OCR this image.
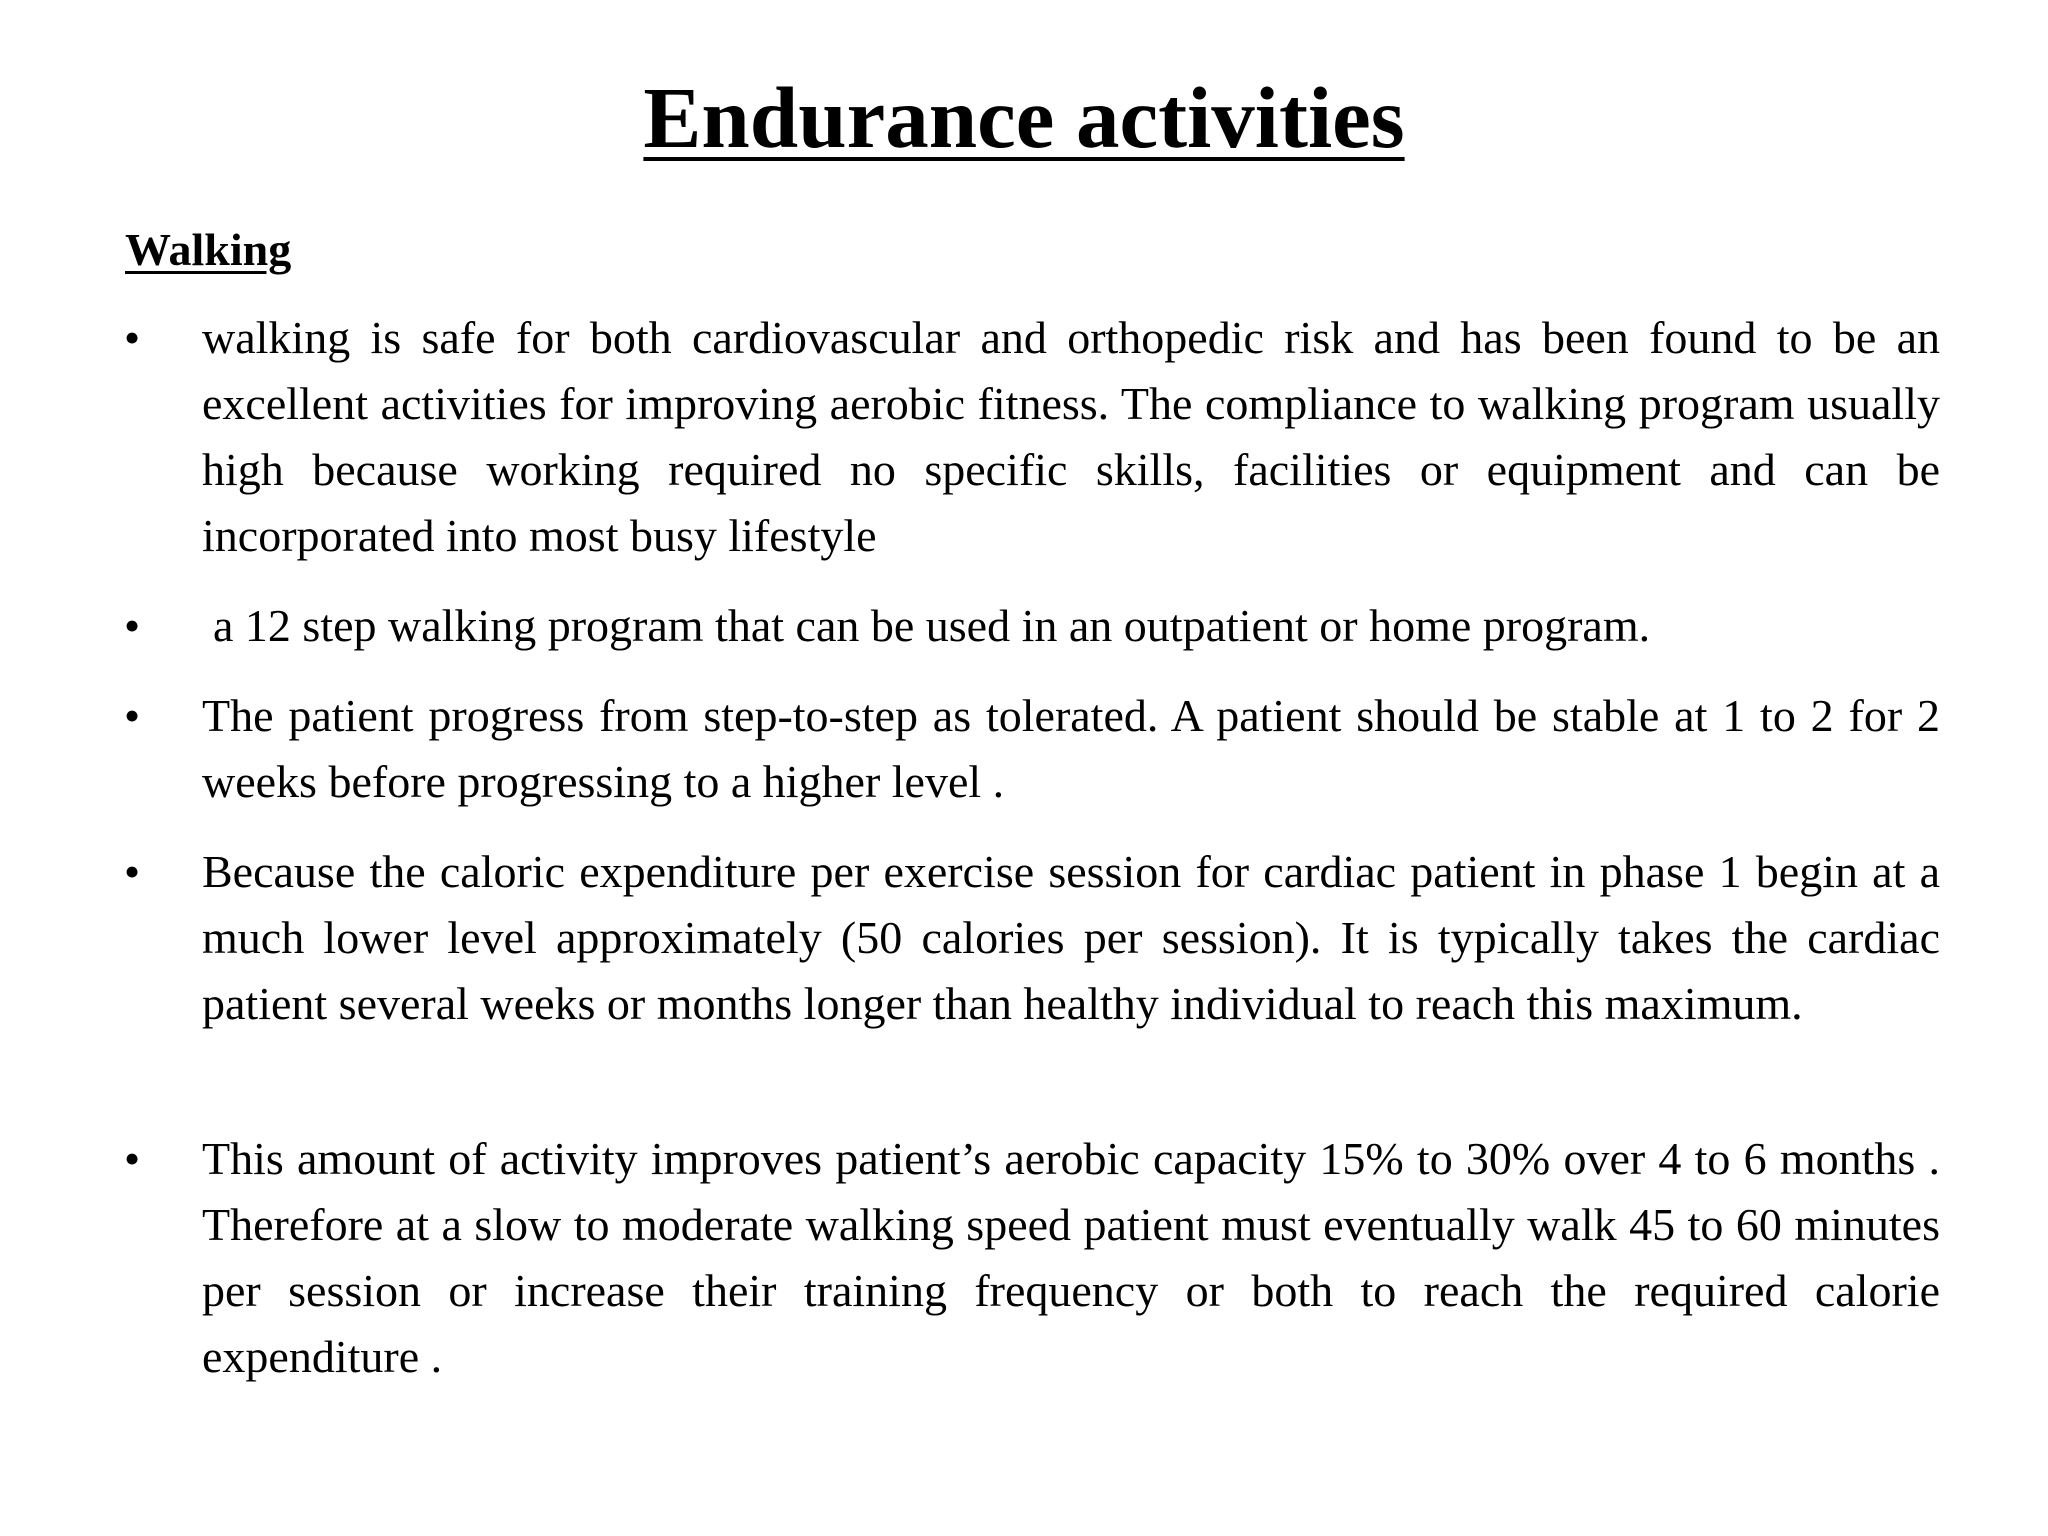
Endurance activities
Walking
• walking is safe for both cardiovascular and orthopedic risk and has been found to be an excellent activities for improving aerobic fitness. The compliance to walking program usually high because working required no specific skills, facilities or equipment and can be incorporated into most busy lifestyle

• a 12 step walking program that can be used in an outpatient or home program.

• The patient progress from step-to-step as tolerated. A patient should be stable at 1 to 2 for 2 weeks before progressing to a higher level .

• Because the caloric expenditure per exercise session for cardiac patient in phase 1 begin at a much lower level approximately (50 calories per session). It is typically takes the cardiac patient several weeks or months longer than healthy individual to reach this maximum.

• This amount of activity improves patient’s aerobic capacity 15% to 30% over 4 to 6 months . Therefore at a slow to moderate walking speed patient must eventually walk 45 to 60 minutes per session or increase their training frequency or both to reach the required calorie expenditure .
